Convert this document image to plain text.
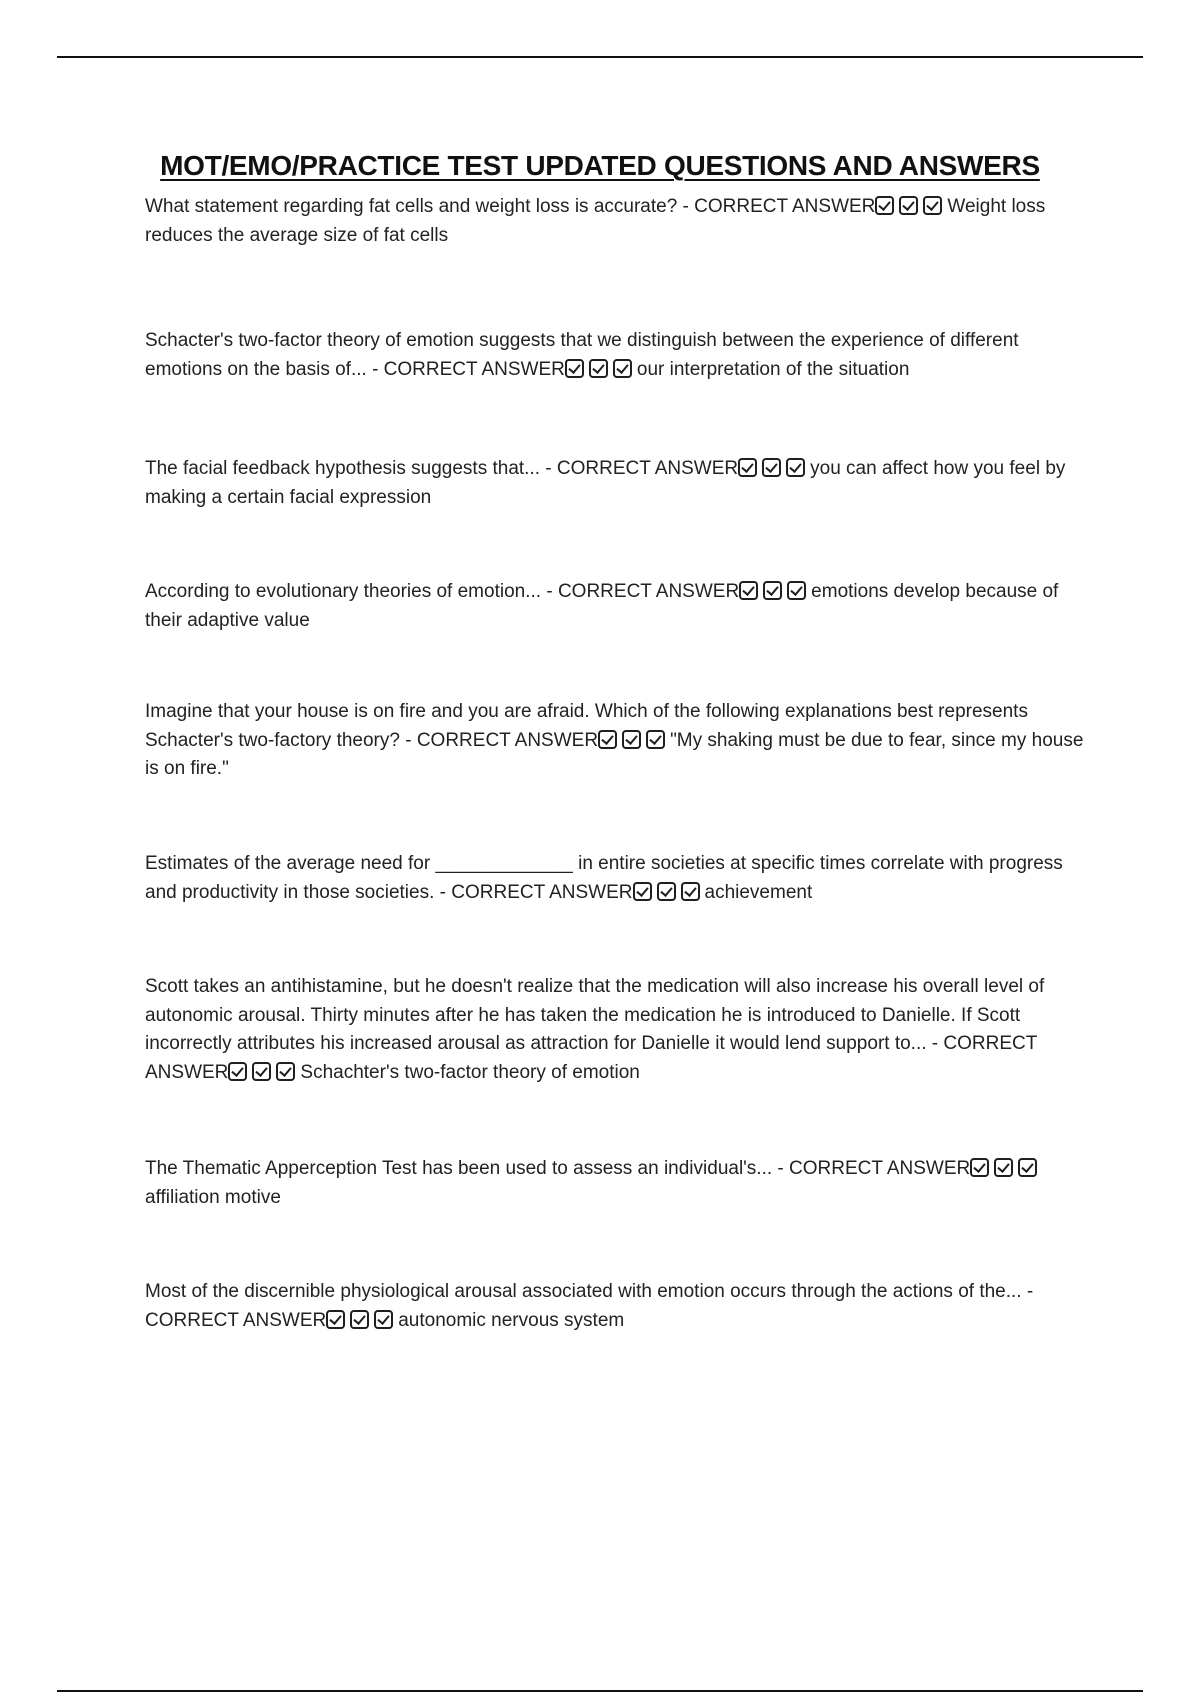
MOT/EMO/PRACTICE TEST UPDATED QUESTIONS AND ANSWERS

What statement regarding fat cells and weight loss is accurate? - CORRECT ANSWER	Weight loss reduces the average size of fat cells

Schacter's two-factor theory of emotion suggests that we distinguish between the experience of different emotions on the basis of... - CORRECT ANSWER	our interpretation of the situation

The facial feedback hypothesis suggests that... - CORRECT ANSWER	you can affect how you feel by making a certain facial expression

According to evolutionary theories of emotion... - CORRECT ANSWER	emotions develop because of their adaptive value

Imagine that your house is on fire and you are afraid. Which of the following explanations best represents Schacter's two-factory theory? - CORRECT ANSWER	"My shaking must be due to fear, since my house is on fire."

Estimates of the average need for _____________ in entire societies at specific times correlate with progress and productivity in those societies. - CORRECT ANSWER	achievement

Scott takes an antihistamine, but he doesn't realize that the medication will also increase his overall level of autonomic arousal. Thirty minutes after he has taken the medication he is introduced to Danielle. If Scott incorrectly attributes his increased arousal as attraction for Danielle it would lend support to... - CORRECT ANSWER	Schachter's two-factor theory of emotion

The Thematic Apperception Test has been used to assess an individual's... - CORRECT ANSWERaffiliation motive

Most of the discernible physiological arousal associated with emotion occurs through the actions of the... - CORRECT ANSWER	autonomic nervous system
